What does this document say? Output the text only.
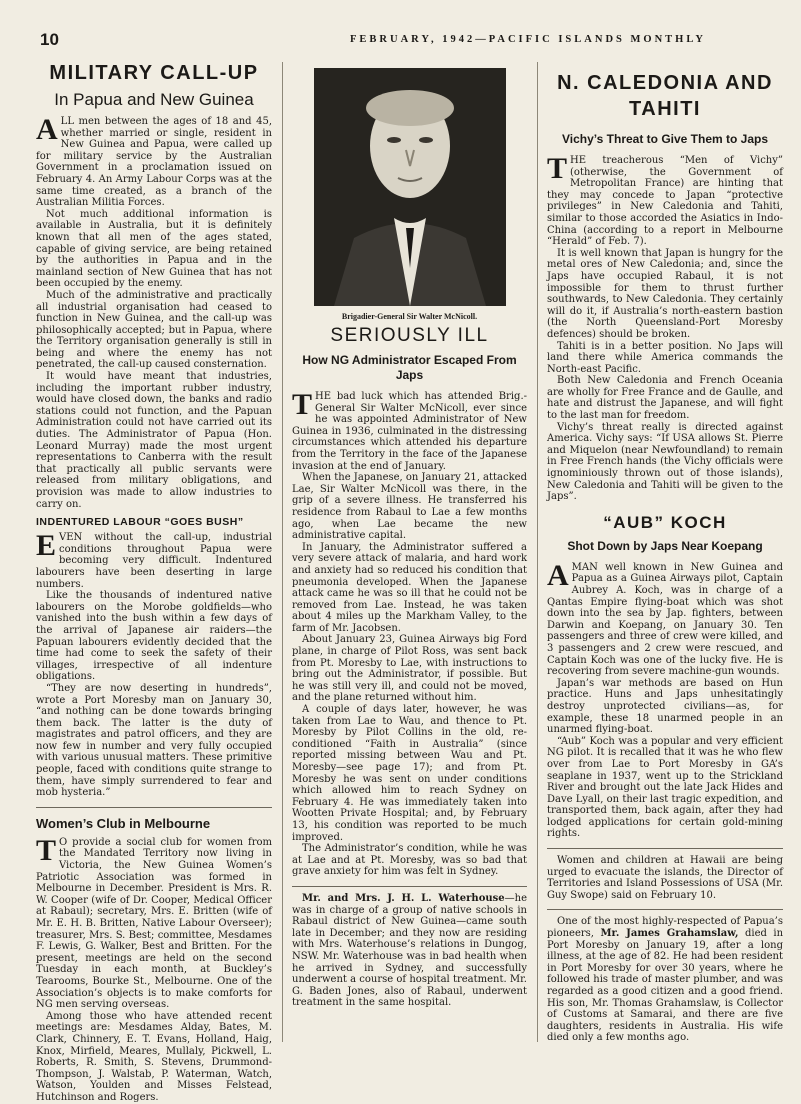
10	FEBRUARY, 1942—PACIFIC ISLANDS MONTHLY
MILITARY CALL-UP
In Papua and New Guinea

ALL men between the ages of 18 and 45, whether married or single, resident in New Guinea and Papua, were called up for military service by the Australian Government in a proclamation issued on February 4. An Army Labour Corps was at the same time created, as a branch of the Australian Militia Forces.

Not much additional information is available in Australia, but it is definitely known that all men of the ages stated, capable of giving service, are being retained by the authorities in Papua and in the mainland section of New Guinea that has not been occupied by the enemy.

Much of the administrative and practically all industrial organisation had ceased to function in New Guinea, and the call-up was philosophically accepted; but in Papua, where the Territory organisation generally is still in being and where the enemy has not penetrated, the call-up caused consternation.

It would have meant that industries, including the important rubber industry, would have closed down, the banks and radio stations could not function, and the Papuan Administration could not have carried out its duties. The Administrator of Papua (Hon. Leonard Murray) made the most urgent representations to Canberra with the result that practically all public servants were released from military obligations, and provision was made to allow industries to carry on.

INDENTURED LABOUR “GOES BUSH”

EVEN without the call-up, industrial conditions throughout Papua were becoming very difficult. Indentured labourers have been deserting in large numbers.

Like the thousands of indentured native labourers on the Morobe goldfields—who vanished into the bush within a few days of the arrival of Japanese air raiders—the Papuan labourers evidently decided that the time had come to seek the safety of their villages, irrespective of all indenture obligations.

“They are now deserting in hundreds”, wrote a Port Moresby man on January 30, “and nothing can be done towards bringing them back. The latter is the duty of magistrates and patrol officers, and they are now few in number and very fully occupied with various unusual matters. These primitive people, faced with conditions quite strange to them, have simply surrendered to fear and mob hysteria.”

Women’s Club in Melbourne

T O provide a social club for women from the Mandated Territory now living in Victoria, the New Guinea Women’s Patriotic Association was formed in Melbourne in December. President is Mrs. R. W. Cooper (wife of Dr. Cooper, Medical Officer at Rabaul); secretary, Mrs. E. Britten (wife of Mr. E. H. B. Britten, Native Labour Overseer); treasurer, Mrs. S. Best; committee, Mesdames F. Lewis, G. Walker, Best and Britten. For the present, meetings are held on the second Tuesday in each month, at Buckley’s Tearooms, Bourke St., Melbourne. One of the Association’s objects is to make comforts for NG men serving overseas.

Among those who have attended recent meetings are: Mesdames Alday, Bates, M. Clark, Chinnery, E. T. Evans, Holland, Haig, Knox, Mirfield, Meares, Mullaly, Pickwell, L. Roberts, R. Smith, S. Stevens, Drummond-Thompson, J. Walstab, P. Waterman, Watch, Watson, Youlden and Misses Felstead, Hutchinson and Rogers.

Brigadier-General Sir Walter McNicoll.
SERIOUSLY ILL
How NG Administrator Escaped From Japs

THE bad luck which has attended Brig.-General Sir Walter McNicoll, ever since he was appointed Administrator of New Guinea in 1936, culminated in the distressing circumstances which attended his departure from the Territory in the face of the Japanese invasion at the end of January.

When the Japanese, on January 21, attacked Lae, Sir Walter McNicoll was there, in the grip of a severe illness. He transferred his residence from Rabaul to Lae a few months ago, when Lae became the new administrative capital.

In January, the Administrator suffered a very severe attack of malaria, and hard work and anxiety had so reduced his condition that pneumonia developed. When the Japanese attack came he was so ill that he could not be removed from Lae. Instead, he was taken about 4 miles up the Markham Valley, to the farm of Mr. Jacobsen.

About January 23, Guinea Airways big Ford plane, in charge of Pilot Ross, was sent back from Pt. Moresby to Lae, with instructions to bring out the Administrator, if possible. But he was still very ill, and could not be moved, and the plane returned without him.

A couple of days later, however, he was taken from Lae to Wau, and thence to Pt. Moresby by Pilot Collins in the old, re-conditioned “Faith in Australia” (since reported missing between Wau and Pt. Moresby—see page 17); and from Pt. Moresby he was sent on under conditions which allowed him to reach Sydney on February 4. He was immediately taken into Wootten Private Hospital; and, by February 13, his condition was reported to be much improved.

The Administrator’s condition, while he was at Lae and at Pt. Moresby, was so bad that grave anxiety for him was felt in Sydney.

Mr. and Mrs. J. H. L. Waterhouse—he was in charge of a group of native schools in Rabaul district of New Guinea—came south late in December; and they now are residing with Mrs. Waterhouse’s relations in Dungog, NSW. Mr. Waterhouse was in bad health when he arrived in Sydney, and successfully underwent a course of hospital treatment. Mr. G. Baden Jones, also of Rabaul, underwent treatment in the same hospital.

N. CALEDONIA AND TAHITI
Vichy’s Threat to Give Them to Japs

THE treacherous “Men of Vichy” (otherwise, the Government of Metropolitan France) are hinting that they may concede to Japan “protective privileges” in New Caledonia and Tahiti, similar to those accorded the Asiatics in Indo-China (according to a report in Melbourne “Herald” of Feb. 7).

It is well known that Japan is hungry for the metal ores of New Caledonia; and, since the Japs have occupied Rabaul, it is not impossible for them to thrust further southwards, to New Caledonia. They certainly will do it, if Australia’s north-eastern bastion (the North Queensland-Port Moresby defences) should be broken.

Tahiti is in a better position. No Japs will land there while America commands the North-east Pacific.

Both New Caledonia and French Oceania are wholly for Free France and de Gaulle, and hate and distrust the Japanese, and will fight to the last man for freedom.

Vichy’s threat really is directed against America. Vichy says: “If USA allows St. Pierre and Miquelon (near Newfoundland) to remain in Free French hands (the Vichy officials were ignominiously thrown out of those islands), New Caledonia and Tahiti will be given to the Japs”.

“AUB” KOCH
Shot Down by Japs Near Koepang

A MAN well known in New Guinea and Papua as a Guinea Airways pilot, Captain Aubrey A. Koch, was in charge of a Qantas Empire flying-boat which was shot down into the sea by Jap. fighters, between Darwin and Koepang, on January 30. Ten passengers and three of crew were killed, and 3 passengers and 2 crew were rescued, and Captain Koch was one of the lucky five. He is recovering from severe machine-gun wounds.

Japan’s war methods are based on Hun practice. Huns and Japs unhesitatingly destroy unprotected civilians—as, for example, these 18 unarmed people in an unarmed flying-boat.

“Aub” Koch was a popular and very efficient NG pilot. It is recalled that it was he who flew over from Lae to Port Moresby in GA’s seaplane in 1937, went up to the Strickland River and brought out the late Jack Hides and Dave Lyall, on their last tragic expedition, and transported them, back again, after they had lodged applications for certain gold-mining rights.

Women and children at Hawaii are being urged to evacuate the islands, the Director of Territories and Island Possessions of USA (Mr. Guy Swope) said on February 10.

One of the most highly-respected of Papua’s pioneers, Mr. James Grahamslaw, died in Port Moresby on January 19, after a long illness, at the age of 82. He had been resident in Port Moresby for over 30 years, where he followed his trade of master plumber, and was regarded as a good citizen and a good friend. His son, Mr. Thomas Grahamslaw, is Collector of Customs at Samarai, and there are five daughters, residents in Australia. His wife died only a few months ago.
